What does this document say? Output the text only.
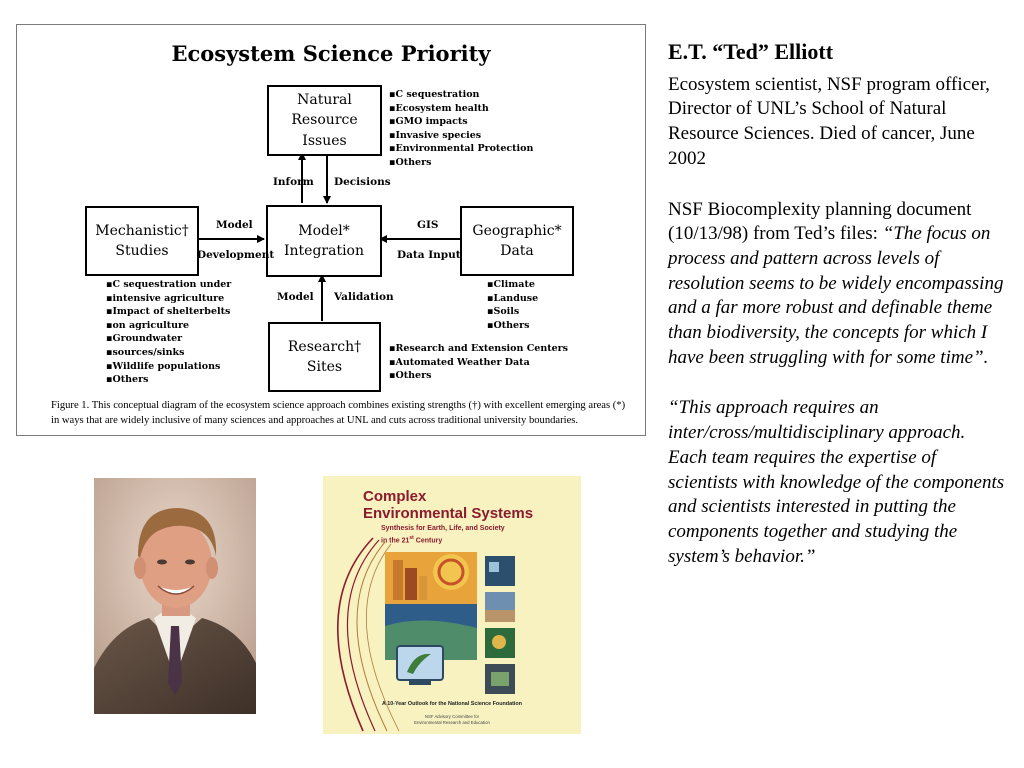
Ecosystem Science Priority
Natural
Resource
Issues
Model*
Integration
Mechanistic†
Studies
Geographic*
Data
Research†
Sites
Inform Decisions
Model
Development
GIS
Data Input
Model Validation
▪ C sequestration
▪ Ecosystem health
▪ GMO impacts
▪ Invasive species
▪ Environmental Protection
▪ Others
▪ C sequestration under
▪ intensive agriculture
▪ Impact of shelterbelts
▪ on agriculture
▪ Groundwater
▪ sources/sinks
▪ Wildlife populations
▪ Others
▪ Climate
▪ Landuse
▪ Soils
▪ Others
▪ Research and Extension Centers
▪ Automated Weather Data
▪ Others

Figure 1. This conceptual diagram of the ecosystem science approach combines existing strengths (†) with excellent emerging areas (*) in ways that are widely inclusive of many sciences and approaches at UNL and cuts across traditional university boundaries.

E.T. “Ted” Elliott

Ecosystem scientist, NSF program officer, Director of UNL’s School of Natural Resource Sciences. Died of cancer, June 2002

NSF Biocomplexity planning document (10/13/98) from Ted’s files: “The focus on process and pattern across levels of resolution seems to be widely encompassing and a far more robust and definable theme than biodiversity, the concepts for which I have been struggling with for some time”.

“This approach requires an inter/cross/multidisciplinary approach. Each team requires the expertise of scientists with knowledge of the components and scientists interested in putting the components together and studying the system’s behavior.”

Complex
Environmental Systems
Synthesis for Earth, Life, and Society
in the 21st Century
A 10-Year Outlook for the National Science Foundation
NSF Advisory Committee for
Environmental Research and Education
